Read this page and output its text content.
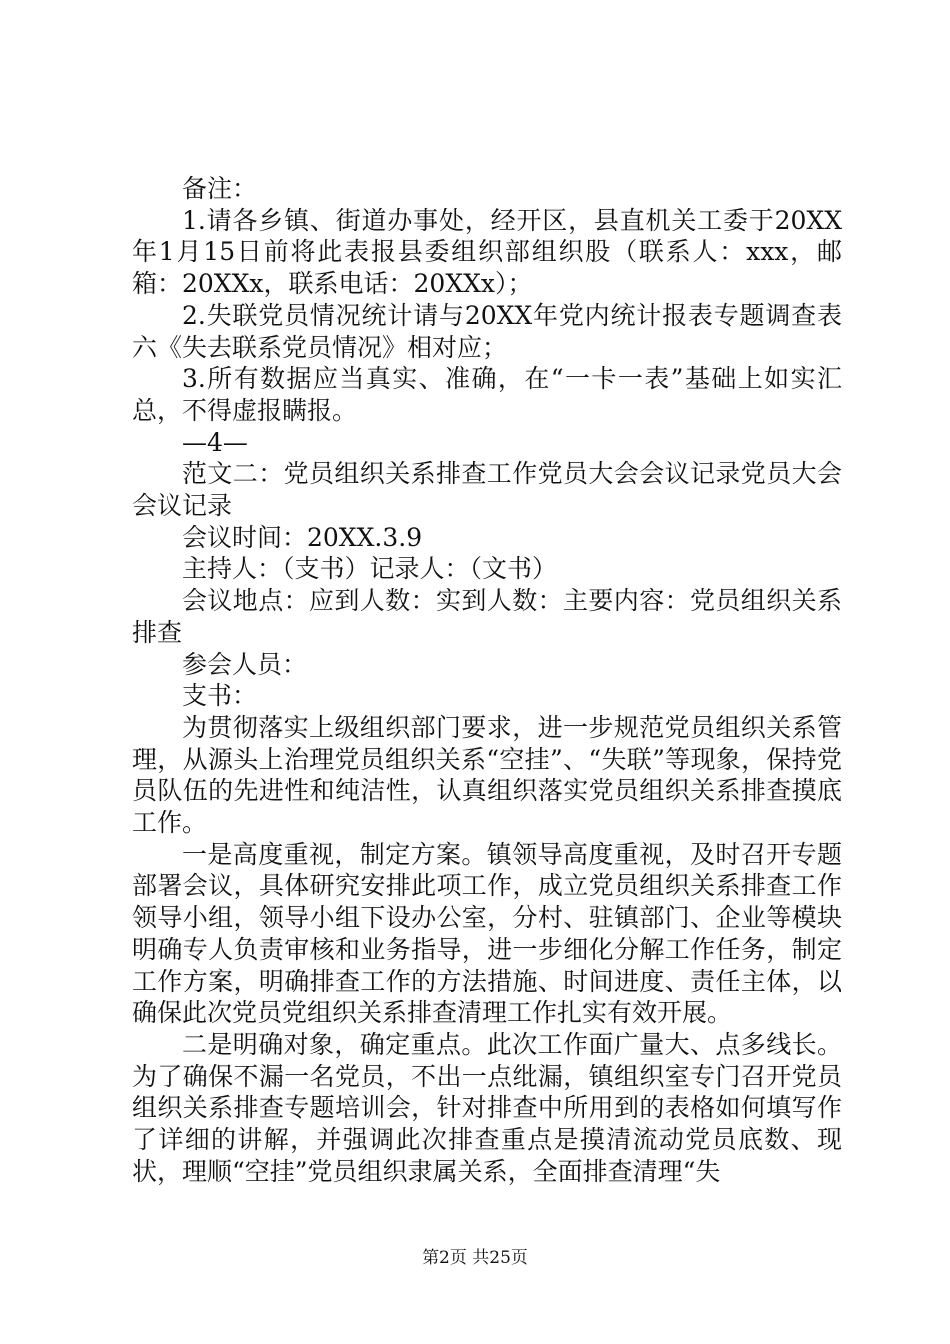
备注：

1.请各乡镇、街道办事处，经开区，县直机关工委于20XX年1月15日前将此表报县委组织部组织股（联系人：xxx，邮箱：20XXx，联系电话：20XXx）；

2.失联党员情况统计请与20XX年党内统计报表专题调查表六《失去联系党员情况》相对应；

3.所有数据应当真实、准确，在“一卡一表”基础上如实汇总，不得虚报瞒报。

—4—

范文二：党员组织关系排查工作党员大会会议记录党员大会会议记录

会议时间：20XX.3.9

主持人：（支书）记录人：（文书）

会议地点：应到人数：实到人数：主要内容：党员组织关系排查

参会人员：

支书：

为贯彻落实上级组织部门要求，进一步规范党员组织关系管理，从源头上治理党员组织关系“空挂”、“失联”等现象，保持党员队伍的先进性和纯洁性，认真组织落实党员组织关系排查摸底工作。

一是高度重视，制定方案。镇领导高度重视，及时召开专题部署会议，具体研究安排此项工作，成立党员组织关系排查工作领导小组，领导小组下设办公室，分村、驻镇部门、企业等模块明确专人负责审核和业务指导，进一步细化分解工作任务，制定工作方案，明确排查工作的方法措施、时间进度、责任主体，以确保此次党员党组织关系排查清理工作扎实有效开展。

二是明确对象，确定重点。此次工作面广量大、点多线长。为了确保不漏一名党员，不出一点纰漏，镇组织室专门召开党员组织关系排查专题培训会，针对排查中所用到的表格如何填写作了详细的讲解，并强调此次排查重点是摸清流动党员底数、现状，理顺“空挂”党员组织隶属关系，全面排查清理“失

第2页 共25页
